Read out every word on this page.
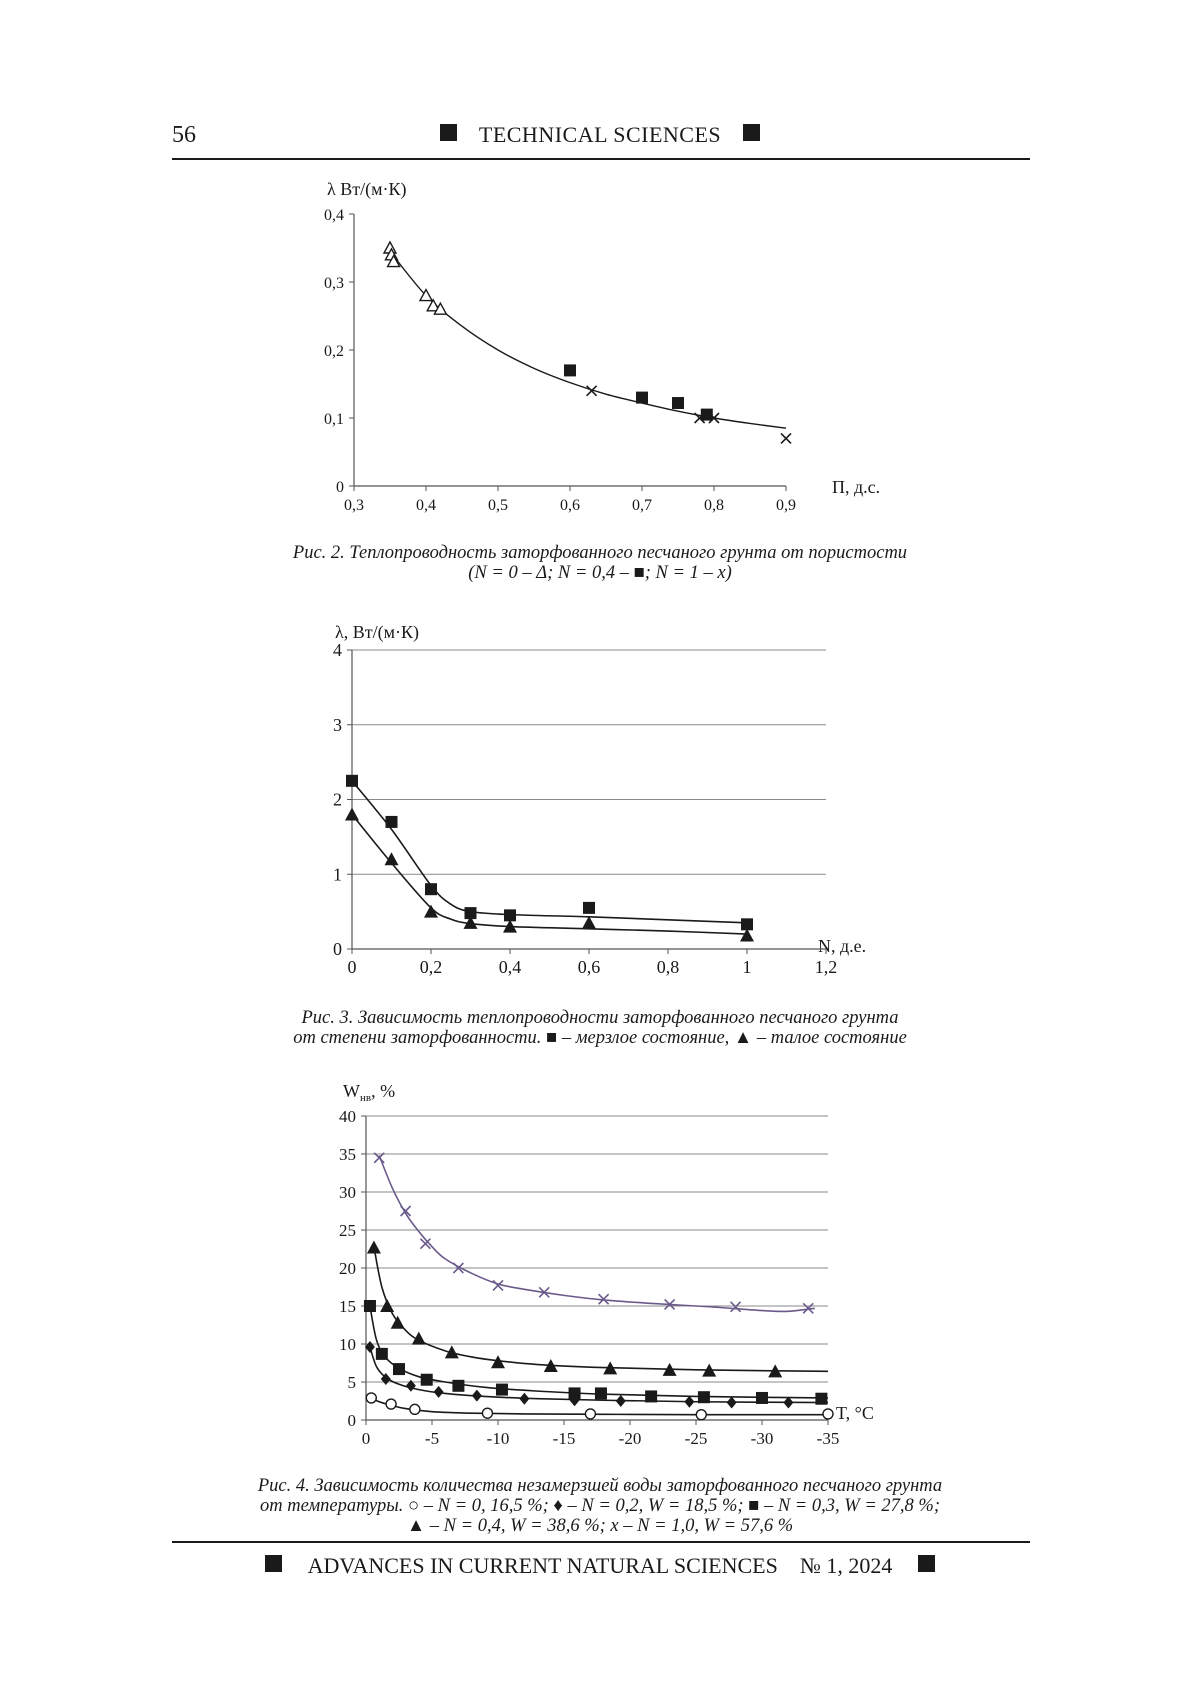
56	TECHNICAL SCIENCES
λ Вт/(м·К)
П, д.с.
0
0,1
0,2
0,3
0,4
0,3	0,4	0,5	0,6	0,7	0,8	0,9
Рис. 2. Теплопроводность заторфованного песчаного грунта от пористости
(N = 0 – Δ; N = 0,4 – ■; N = 1 – x)
λ, Вт/(м·К)
N, д.е.
0
1
2
3
4
0	0,2	0,4	0,6	0,8	1	1,2
Рис. 3. Зависимость теплопроводности заторфованного песчаного грунта
от степени заторфованности. ■ – мерзлое состояние, ▲ – талое состояние
$W_{нв}$, %
T, °C
0
5
10
15
20
25
30
35
40
0	-5	-10	-15	-20	-25	-30	-35
Рис. 4. Зависимость количества незамерзшей воды заторфованного песчаного грунта
от температуры. ○ – N = 0, 16,5 %; ♦ – N = 0,2, W = 18,5 %; ■ – N = 0,3, W = 27,8 %;
▲ – N = 0,4, W = 38,6 %; x – N = 1,0, W = 57,6 %
ADVANCES IN CURRENT NATURAL SCIENCES № 1, 2024
